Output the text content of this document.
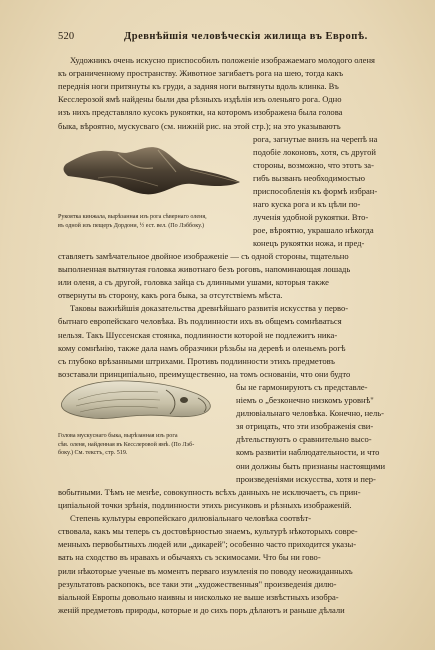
520	Древнѣйшія человѣческія жилища въ Европѣ.
Художникъ очень искусно приспособилъ положеніе изображаемаго молодого оленя
къ ограниченному пространству. Животное загибаетъ рога на шею, тогда какъ
переднія ноги притянуты къ груди, а задняя ноги вытянуты вдоль клинка. Въ
Кесслерозой ямѣ найдены были два рѣзныхъ издѣлія изъ оленьяго рога. Одно
изъ нихъ представляло кусокъ рукоятки, на которомъ изображена была голова
быка, вѣроятно, мускусваго (см. нижній рис. на этой стр.); на это указываютъ
Рукоятка кинжала, вырѣзанная изъ рога сѣвернаго оленя,
въ одной изъ пещеръ Дордони, ½ ест. вел. (По Лэббоку.)
рога, загнутые внизъ на черепѣ на
подобіе локоновъ, хотя, съ другой
стороны, возможно, что этотъ за-
гибъ вызванъ необходимостью
приспособленія къ формѣ избран-
наго куска рога и къ цѣли по-
лученія удобной рукоятки. Вто-
рое, вѣроятно, украшало нѣкогда
конецъ рукоятки ножа, и пред-
ставляетъ замѣчательное двойное изображеніе — съ одной стороны, тщательно
выполненная вытянутая головка животнаго безъ роговъ, напоминающая лошадь
или оленя, а съ другой, головка зайца съ длинными ушами, которыя также
отвернуты въ сторону, какъ рога быка, за отсутствіемъ мѣста.
Таковы важнѣйшія доказательства древнѣйшаго развитія искусства у перво-
бытнаго европейскаго человѣка. Въ подлинности ихъ въ общемъ сомнѣваться
нельзя. Такъ Шуссенская стоянка, подлинности которой не подлежитъ ника-
кому сомнѣнію, также дала намъ образчики рѣзьбы на деревѣ и оленьемъ рогѣ
съ глубоко врѣзанными штрихами. Противъ подлинности этихъ предметовъ
возставали принципіально, преимущественно, на томъ основаніи, что они будто
Голова мускуснаго быка, вырѣзанная изъ рога
сѣв. оленя, найденная въ Кесслеровой ямѣ. (По Лэб-
боку.) См. текстъ, стр. 519.
бы не гармонируютъ съ представле-
ніемъ о „безконечно низкомъ уровнѣ"
дилювіальнаго человѣка. Конечно, нель-
зя отрицать, что эти изображенія сви-
дѣтельствуютъ о сравнительно высо-
комъ развитіи наблюдательности, и что
они должны быть признаны настоящими
произведеніями искусства, хотя и пер-
вобытными. Тѣмъ не менѣе, совокупность всѣхъ данныхъ не исключаетъ, съ прин-
ципіальной точки зрѣнія, подлинности этихъ рисунковъ и рѣзныхъ изображеній.
Степень культуры европейскаго дилювіальнаго человѣка соотвѣт-
ствовала, какъ мы теперь съ достовѣрностью знаемъ, культурѣ нѣкоторыхъ совре-
менныхъ первобытныхъ людей или „дикарей"; особенно часто приходится указы-
вать на сходство въ нравахъ и обычаяхъ съ эскимосами. Что бы ни гово-
рили нѣкоторые ученые въ моментъ перваго изумленія по поводу неожиданныхъ
результатовъ раскопокъ, все таки эти „художественныя" произведенія дилю-
віальной Европы довольно наивны и нисколько не выше извѣстныхъ изобра-
женій предметовъ природы, которые и до сихъ поръ дѣлаютъ и раньше дѣлали
